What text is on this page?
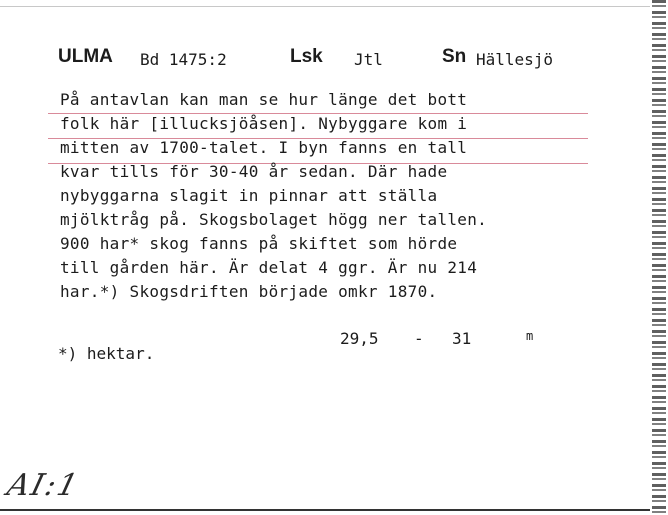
ULMA Bd 1475:2	Lsk Jtl	Sn Hällesjö
På antavlan kan man se hur länge det bott
folk här [illucksjöåsen]. Nybyggare kom i
mitten av 1700-talet. I byn fanns en tall
kvar tills för 30-40 år sedan. Där hade
nybyggarna slagit in pinnar att ställa
mjölktråg på. Skogsbolaget högg ner tallen.
900 har* skog fanns på skiftet som hörde
till gården här. Är delat 4 ggr. Är nu 214
har.*) Skogsdriften började omkr 1870.
29,5 - 31	m
*) hektar.
AI:1
